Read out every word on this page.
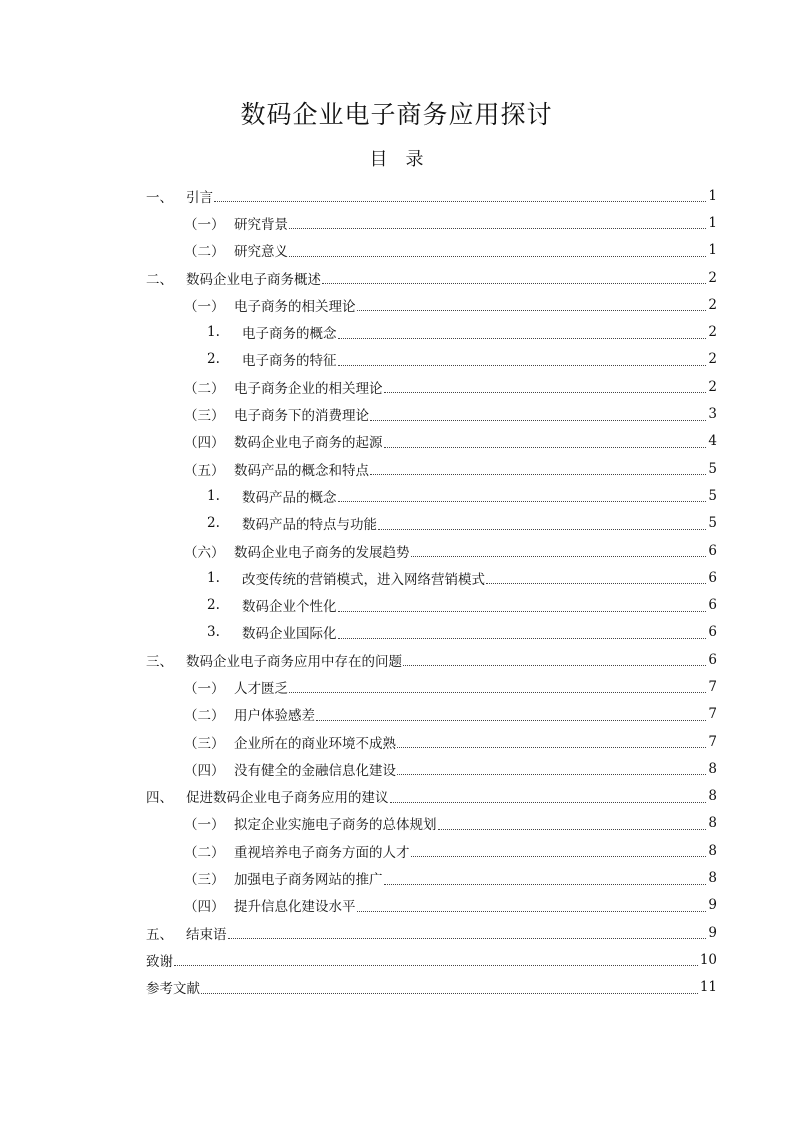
数码企业电子商务应用探讨
目 录
一、 引言	1
（一） 研究背景	1
（二） 研究意义	1
二、 数码企业电子商务概述	2
（一） 电子商务的相关理论	2
1.	电子商务的概念	2
2.	电子商务的特征	2
（二） 电子商务企业的相关理论	2
（三） 电子商务下的消费理论	3
（四） 数码企业电子商务的起源	4
（五） 数码产品的概念和特点	5
1.	数码产品的概念	5
2.	数码产品的特点与功能	5
（六） 数码企业电子商务的发展趋势	6
1.	改变传统的营销模式，进入网络营销模式	6
2.	数码企业个性化	6
3.	数码企业国际化	6
三、 数码企业电子商务应用中存在的问题	6
（一） 人才匮乏	7
（二） 用户体验感差	7
（三） 企业所在的商业环境不成熟	7
（四） 没有健全的金融信息化建设	8
四、 促进数码企业电子商务应用的建议	8
（一） 拟定企业实施电子商务的总体规划	8
（二） 重视培养电子商务方面的人才	8
（三） 加强电子商务网站的推广	8
（四） 提升信息化建设水平	9
五、 结束语	9
致谢	10
参考文献	11
